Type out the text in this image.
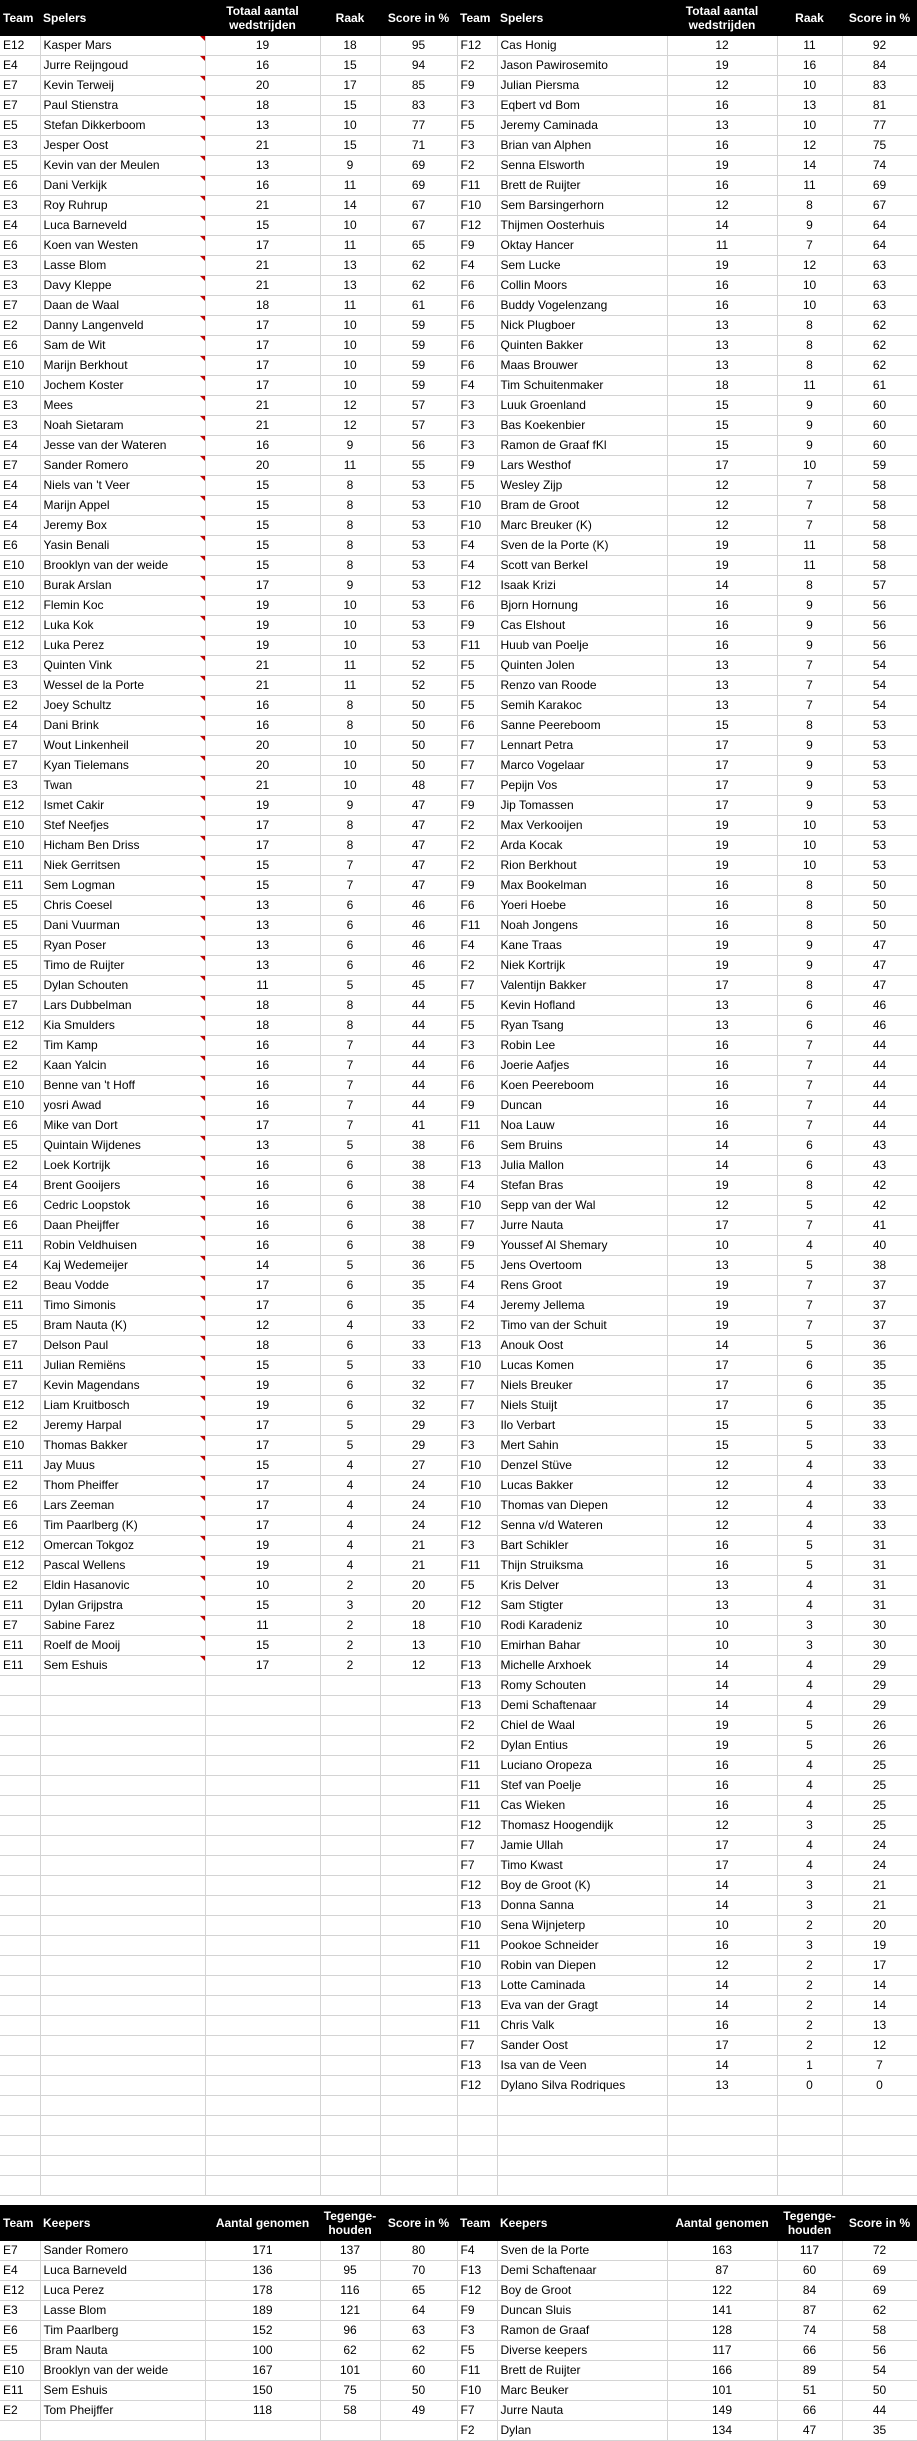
Team	Spelers	Totaal aantal wedstrijden	Raak	Score in %	Team	Spelers	Totaal aantal wedstrijden	Raak	Score in %
E12	Kasper Mars	19	18	95	F12	Cas Honig	12	11	92
E4	Jurre Reijngoud	16	15	94	F2	Jason Pawirosemito	19	16	84
E7	Kevin Terweij	20	17	85	F9	Julian Piersma	12	10	83
E7	Paul Stienstra	18	15	83	F3	Eqbert vd Bom	16	13	81
E5	Stefan Dikkerboom	13	10	77	F5	Jeremy Caminada	13	10	77
E3	Jesper Oost	21	15	71	F3	Brian van Alphen	16	12	75
E5	Kevin van der Meulen	13	9	69	F2	Senna Elsworth	19	14	74
E6	Dani Verkijk	16	11	69	F11	Brett de Ruijter	16	11	69
E3	Roy Ruhrup	21	14	67	F10	Sem Barsingerhorn	12	8	67
E4	Luca Barneveld	15	10	67	F12	Thijmen Oosterhuis	14	9	64
E6	Koen van Westen	17	11	65	F9	Oktay Hancer	11	7	64
E3	Lasse Blom	21	13	62	F4	Sem Lucke	19	12	63
E3	Davy Kleppe	21	13	62	F6	Collin Moors	16	10	63
E7	Daan de Waal	18	11	61	F6	Buddy Vogelenzang	16	10	63
E2	Danny Langenveld	17	10	59	F5	Nick Plugboer	13	8	62
E6	Sam de Wit	17	10	59	F6	Quinten Bakker	13	8	62
E10	Marijn Berkhout	17	10	59	F6	Maas Brouwer	13	8	62
E10	Jochem Koster	17	10	59	F4	Tim Schuitenmaker	18	11	61
E3	Mees	21	12	57	F3	Luuk Groenland	15	9	60
E3	Noah Sietaram	21	12	57	F3	Bas Koekenbier	15	9	60
E4	Jesse van der Wateren	16	9	56	F3	Ramon de Graaf fKl	15	9	60
E7	Sander Romero	20	11	55	F9	Lars Westhof	17	10	59
E4	Niels van 't Veer	15	8	53	F5	Wesley Zijp	12	7	58
E4	Marijn Appel	15	8	53	F10	Bram de Groot	12	7	58
E4	Jeremy Box	15	8	53	F10	Marc Breuker (K)	12	7	58
E6	Yasin Benali	15	8	53	F4	Sven de la Porte (K)	19	11	58
E10	Brooklyn van der weide	15	8	53	F4	Scott van Berkel	19	11	58
E10	Burak Arslan	17	9	53	F12	Isaak Krizi	14	8	57
E12	Flemin Koc	19	10	53	F6	Bjorn Hornung	16	9	56
E12	Luka Kok	19	10	53	F9	Cas Elshout	16	9	56
E12	Luka Perez	19	10	53	F11	Huub van Poelje	16	9	56
E3	Quinten Vink	21	11	52	F5	Quinten Jolen	13	7	54
E3	Wessel de la Porte	21	11	52	F5	Renzo van Roode	13	7	54
E2	Joey Schultz	16	8	50	F5	Semih Karakoc	13	7	54
E4	Dani Brink	16	8	50	F6	Sanne Peereboom	15	8	53
E7	Wout Linkenheil	20	10	50	F7	Lennart Petra	17	9	53
E7	Kyan Tielemans	20	10	50	F7	Marco Vogelaar	17	9	53
E3	Twan	21	10	48	F7	Pepijn Vos	17	9	53
E12	Ismet Cakir	19	9	47	F9	Jip Tomassen	17	9	53
E10	Stef Neefjes	17	8	47	F2	Max Verkooijen	19	10	53
E10	Hicham Ben Driss	17	8	47	F2	Arda Kocak	19	10	53
E11	Niek Gerritsen	15	7	47	F2	Rion Berkhout	19	10	53
E11	Sem Logman	15	7	47	F9	Max Bookelman	16	8	50
E5	Chris Coesel	13	6	46	F6	Yoeri Hoebe	16	8	50
E5	Dani Vuurman	13	6	46	F11	Noah Jongens	16	8	50
E5	Ryan Poser	13	6	46	F4	Kane Traas	19	9	47
E5	Timo de Ruijter	13	6	46	F2	Niek Kortrijk	19	9	47
E5	Dylan Schouten	11	5	45	F7	Valentijn Bakker	17	8	47
E7	Lars Dubbelman	18	8	44	F5	Kevin Hofland	13	6	46
E12	Kia Smulders	18	8	44	F5	Ryan Tsang	13	6	46
E2	Tim Kamp	16	7	44	F3	Robin Lee	16	7	44
E2	Kaan Yalcin	16	7	44	F6	Joerie Aafjes	16	7	44
E10	Benne van 't Hoff	16	7	44	F6	Koen Peereboom	16	7	44
E10	yosri Awad	16	7	44	F9	Duncan	16	7	44
E6	Mike van Dort	17	7	41	F11	Noa Lauw	16	7	44
E5	Quintain Wijdenes	13	5	38	F6	Sem Bruins	14	6	43
E2	Loek Kortrijk	16	6	38	F13	Julia Mallon	14	6	43
E4	Brent Gooijers	16	6	38	F4	Stefan Bras	19	8	42
E6	Cedric Loopstok	16	6	38	F10	Sepp van der Wal	12	5	42
E6	Daan Pheijffer	16	6	38	F7	Jurre Nauta	17	7	41
E11	Robin Veldhuisen	16	6	38	F9	Youssef Al Shemary	10	4	40
E4	Kaj Wedemeijer	14	5	36	F5	Jens Overtoom	13	5	38
E2	Beau Vodde	17	6	35	F4	Rens Groot	19	7	37
E11	Timo Simonis	17	6	35	F4	Jeremy Jellema	19	7	37
E5	Bram Nauta (K)	12	4	33	F2	Timo van der Schuit	19	7	37
E7	Delson Paul	18	6	33	F13	Anouk Oost	14	5	36
E11	Julian Remiëns	15	5	33	F10	Lucas Komen	17	6	35
E7	Kevin Magendans	19	6	32	F7	Niels Breuker	17	6	35
E12	Liam Kruitbosch	19	6	32	F7	Niels Stuijt	17	6	35
E2	Jeremy Harpal	17	5	29	F3	Ilo Verbart	15	5	33
E10	Thomas Bakker	17	5	29	F3	Mert Sahin	15	5	33
E11	Jay Muus	15	4	27	F10	Denzel Stüve	12	4	33
E2	Thom Pheiffer	17	4	24	F10	Lucas Bakker	12	4	33
E6	Lars Zeeman	17	4	24	F10	Thomas van Diepen	12	4	33
E6	Tim Paarlberg (K)	17	4	24	F12	Senna v/d Wateren	12	4	33
E12	Omercan Tokgoz	19	4	21	F3	Bart Schikler	16	5	31
E12	Pascal Wellens	19	4	21	F11	Thijn Struiksma	16	5	31
E2	Eldin Hasanovic	10	2	20	F5	Kris Delver	13	4	31
E11	Dylan Grijpstra	15	3	20	F12	Sam Stigter	13	4	31
E7	Sabine Farez	11	2	18	F10	Rodi Karadeniz	10	3	30
E11	Roelf de Mooij	15	2	13	F10	Emirhan Bahar	10	3	30
E11	Sem Eshuis	17	2	12	F13	Michelle Arxhoek	14	4	29
					F13	Romy Schouten	14	4	29
					F13	Demi Schaftenaar	14	4	29
					F2	Chiel de Waal	19	5	26
					F2	Dylan Entius	19	5	26
					F11	Luciano Oropeza	16	4	25
					F11	Stef van Poelje	16	4	25
					F11	Cas Wieken	16	4	25
					F12	Thomasz Hoogendijk	12	3	25
					F7	Jamie Ullah	17	4	24
					F7	Timo Kwast	17	4	24
					F12	Boy de Groot (K)	14	3	21
					F13	Donna Sanna	14	3	21
					F10	Sena Wijnjeterp	10	2	20
					F11	Pookoe Schneider	16	3	19
					F10	Robin van Diepen	12	2	17
					F13	Lotte Caminada	14	2	14
					F13	Eva van der Gragt	14	2	14
					F11	Chris Valk	16	2	13
					F7	Sander Oost	17	2	12
					F13	Isa van de Veen	14	1	7
					F12	Dylano Silva Rodriques	13	0	0

Team	Keepers	Aantal genomen	Tegenge-houden	Score in %	Team	Keepers	Aantal genomen	Tegenge-houden	Score in %
E7	Sander Romero	171	137	80	F4	Sven de la Porte	163	117	72
E4	Luca Barneveld	136	95	70	F13	Demi Schaftenaar	87	60	69
E12	Luca Perez	178	116	65	F12	Boy de Groot	122	84	69
E3	Lasse Blom	189	121	64	F9	Duncan Sluis	141	87	62
E6	Tim Paarlberg	152	96	63	F3	Ramon de Graaf	128	74	58
E5	Bram Nauta	100	62	62	F5	Diverse keepers	117	66	56
E10	Brooklyn van der weide	167	101	60	F11	Brett de Ruijter	166	89	54
E11	Sem Eshuis	150	75	50	F10	Marc Beuker	101	51	50
E2	Tom Pheijffer	118	58	49	F7	Jurre Nauta	149	66	44
					F2	Dylan	134	47	35
